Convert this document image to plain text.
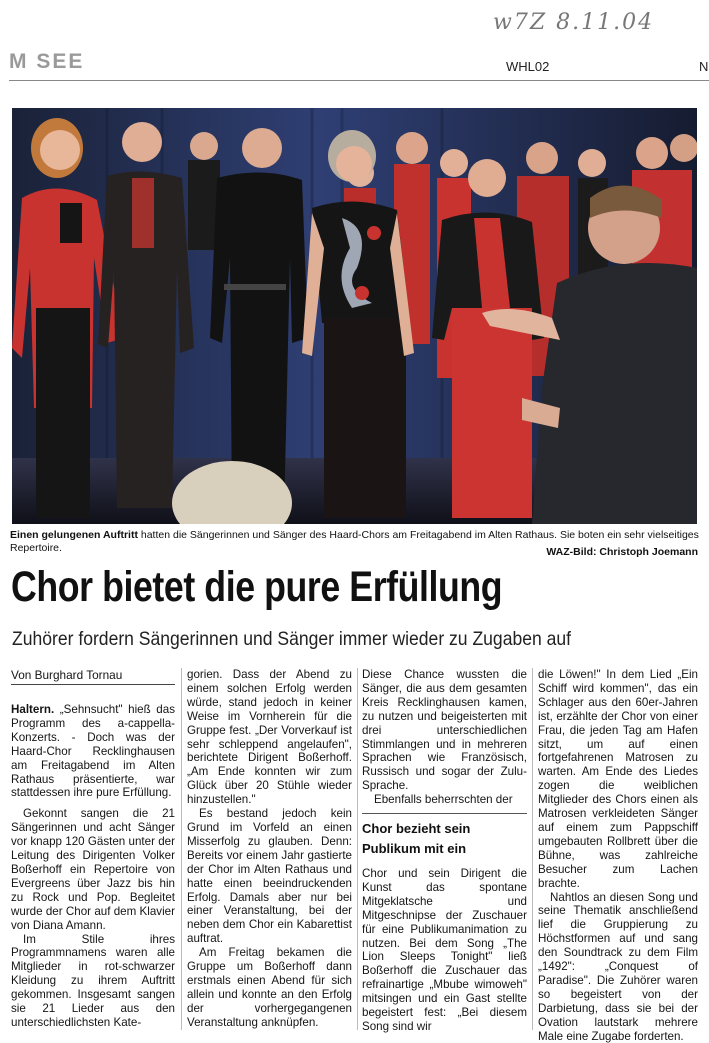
w7Z 8.11.04
M SEE	WHL02	N
Einen gelungenen Auftritt hatten die Sängerinnen und Sänger des Haard-Chors am Freitagabend im Alten Rathaus. Sie boten ein sehr vielseitiges Repertoire.	WAZ-Bild: Christoph Joemann
Chor bietet die pure Erfüllung
Zuhörer fordern Sängerinnen und Sänger immer wieder zu Zugaben auf
Von Burghard Tornau

Haltern. „Sehnsucht" hieß das Programm des a-cappella-Konzerts. - Doch was der Haard-Chor Recklinghausen am Freitagabend im Alten Rathaus präsentierte, war stattdessen ihre pure Erfüllung.

Gekonnt sangen die 21 Sängerinnen und acht Sänger vor knapp 120 Gästen unter der Leitung des Dirigenten Volker Boßerhoff ein Repertoire von Evergreens über Jazz bis hin zu Rock und Pop. Begleitet wurde der Chor auf dem Klavier von Diana Amann.

Im Stile ihres Programmnamens waren alle Mitglieder in rot-schwarzer Kleidung zu ihrem Auftritt gekommen. Insgesamt sangen sie 21 Lieder aus den unterschiedlichsten Kate-

gorien. Dass der Abend zu einem solchen Erfolg werden würde, stand jedoch in keiner Weise im Vornherein für die Gruppe fest. „Der Vorverkauf ist sehr schleppend angelaufen", berichtete Dirigent Boßerhoff. „Am Ende konnten wir zum Glück über 20 Stühle wieder hinzustellen."

Es bestand jedoch kein Grund im Vorfeld an einen Misserfolg zu glauben. Denn: Bereits vor einem Jahr gastierte der Chor im Alten Rathaus und hatte einen beeindruckenden Erfolg. Damals aber nur bei einer Veranstaltung, bei der neben dem Chor ein Kabarettist auftrat.

Am Freitag bekamen die Gruppe um Boßerhoff dann erstmals einen Abend für sich allein und konnte an den Erfolg der vorhergegangenen Veranstaltung anknüpfen.

Diese Chance wussten die Sänger, die aus dem gesamten Kreis Recklinghausen kamen, zu nutzen und beigeisterten mit drei unterschiedlichen Stimmlangen und in mehreren Sprachen wie Französisch, Russisch und sogar der Zulu-Sprache.

Ebenfalls beherrschten der

Chor bezieht sein Publikum mit ein

Chor und sein Dirigent die Kunst das spontane Mitgeklatsche und Mitgeschnipse der Zuschauer für eine Publikumanimation zu nutzen. Bei dem Song „The Lion Sleeps Tonight" ließ Boßerhoff die Zuschauer das refrainartige „Mbube wimoweh" mitsingen und ein Gast stellte begeistert fest: „Bei diesem Song sind wir

die Löwen!" In dem Lied „Ein Schiff wird kommen", das ein Schlager aus den 60er-Jahren ist, erzählte der Chor von einer Frau, die jeden Tag am Hafen sitzt, um auf einen fortgefahrenen Matrosen zu warten. Am Ende des Liedes zogen die weiblichen Mitglieder des Chors einen als Matrosen verkleideten Sänger auf einem zum Pappschiff umgebauten Rollbrett über die Bühne, was zahlreiche Besucher zum Lachen brachte.

Nahtlos an diesen Song und seine Thematik anschließend lief die Gruppierung zu Höchstformen auf und sang den Soundtrack zu dem Film „1492": „Conquest of Paradise". Die Zuhörer waren so begeistert von der Darbietung, dass sie bei der Ovation lautstark mehrere Male eine Zugabe forderten.
